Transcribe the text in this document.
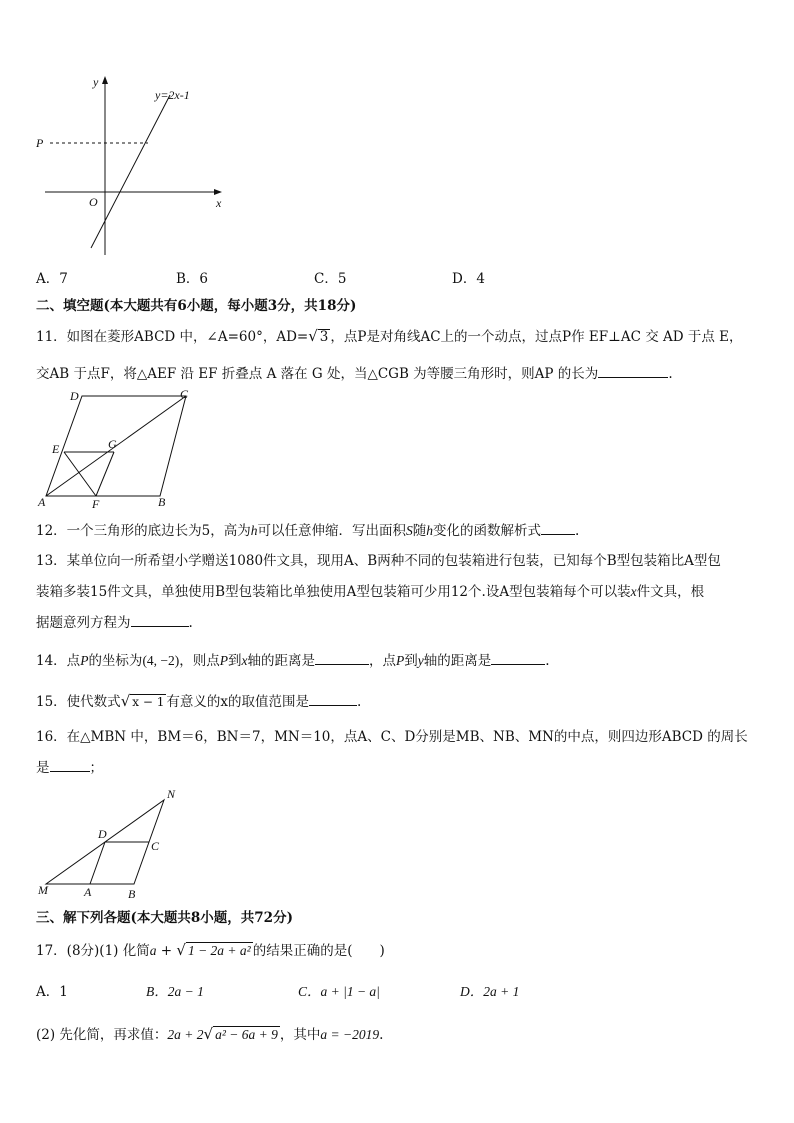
y
x
O
P
y=2x-1
A．7	B．6	C．5	D．4
二、填空题(本大题共有6小题，每小题3分，共18分)
11．如图在菱形ABCD 中，∠A=60°，AD=√ 3 ，点P是对角线AC上的一个动点，过点P作 EF⊥AC 交 AD 于点 E，
交AB 于点F，将△AEF 沿 EF 折叠点 A 落在 G 处，当△CGB 为等腰三角形时，则AP 的长为	.
D	C
E	G
A	F	B
12．一个三角形的底边长为5，高为h可以任意伸缩．写出面积S随h变化的函数解析式	.
13．某单位向一所希望小学赠送1080件文具，现用A、B两种不同的包装箱进行包装，已知每个B型包装箱比A型包
装箱多装15件文具，单独使用B型包装箱比单独使用A型包装箱可少用12个.设A型包装箱每个可以装x件文具，根
据题意列方程为	.
14．点P的坐标为(4, −2)，则点P到x轴的距离是	，点P到y轴的距离是	.
15．使代数式√ x − 1 有意义的x的取值范围是	.
16．在△MBN 中，BM＝6，BN＝7，MN＝10，点A、C、D分别是MB、NB、MN的中点，则四边形ABCD 的周长
是	；
N
D
C
M	A	B
三、解下列各题(本大题共8小题，共72分)
17．(8分)(1) 化简a + √ 1 − 2a + a² 的结果正确的是(　　)
A．1	B．2a − 1	C．a + |1 − a|	D．2a + 1
(2) 先化简，再求值：2a + 2√ a² − 6a + 9 ，其中a = −2019.
